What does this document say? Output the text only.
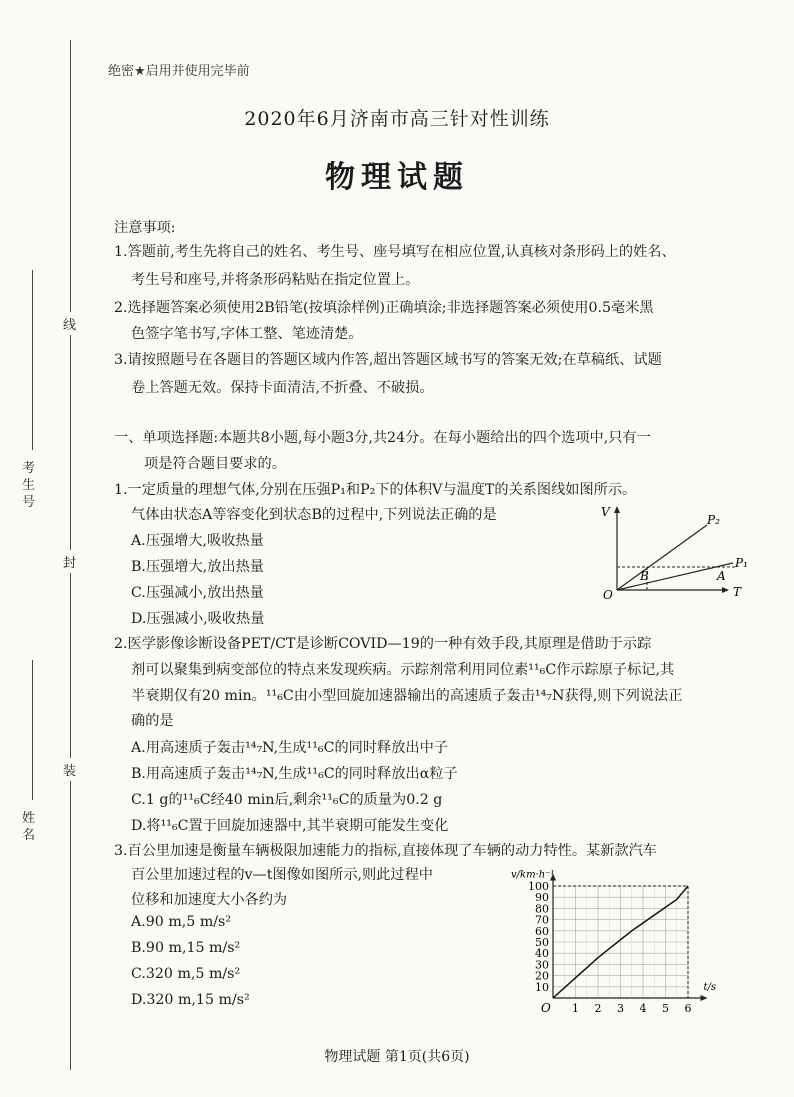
考生号
姓名
线
封
装
绝密★启用并使用完毕前
2020年6月济南市高三针对性训练
物理试题
注意事项:
1.答题前,考生先将自己的姓名、考生号、座号填写在相应位置,认真核对条形码上的姓名、
考生号和座号,并将条形码粘贴在指定位置上。
2.选择题答案必须使用2B铅笔(按填涂样例)正确填涂;非选择题答案必须使用0.5毫米黑
色签字笔书写,字体工整、笔迹清楚。
3.请按照题号在各题目的答题区域内作答,超出答题区域书写的答案无效;在草稿纸、试题
卷上答题无效。保持卡面清洁,不折叠、不破损。
一、单项选择题:本题共8小题,每小题3分,共24分。在每小题给出的四个选项中,只有一
项是符合题目要求的。
1.一定质量的理想气体,分别在压强P₁和P₂下的体积V与温度T的关系图线如图所示。
气体由状态A等容变化到状态B的过程中,下列说法正确的是
A.压强增大,吸收热量
B.压强增大,放出热量
C.压强减小,放出热量
D.压强减小,吸收热量
V
T
O
P₂
P₁
B	A
2.医学影像诊断设备PET/CT是诊断COVID—19的一种有效手段,其原理是借助于示踪
剂可以聚集到病变部位的特点来发现疾病。示踪剂常利用同位素¹¹₆C作示踪原子标记,其
半衰期仅有20 min。¹¹₆C由小型回旋加速器输出的高速质子轰击¹⁴₇N获得,则下列说法正
确的是
A.用高速质子轰击¹⁴₇N,生成¹¹₆C的同时释放出中子
B.用高速质子轰击¹⁴₇N,生成¹¹₆C的同时释放出α粒子
C.1 g的¹¹₆C经40 min后,剩余¹¹₆C的质量为0.2 g
D.将¹¹₆C置于回旋加速器中,其半衰期可能发生变化
3.百公里加速是衡量车辆极限加速能力的指标,直接体现了车辆的动力特性。某新款汽车
百公里加速过程的v—t图像如图所示,则此过程中
位移和加速度大小各约为
A.90 m,5 m/s²
B.90 m,15 m/s²
C.320 m,5 m/s²
D.320 m,15 m/s²
10
20
30
40
50
60
70
80
90
100
1 2 3 4 5 6
v/km·h⁻¹
t/s
O
物理试题 第1页(共6页)
